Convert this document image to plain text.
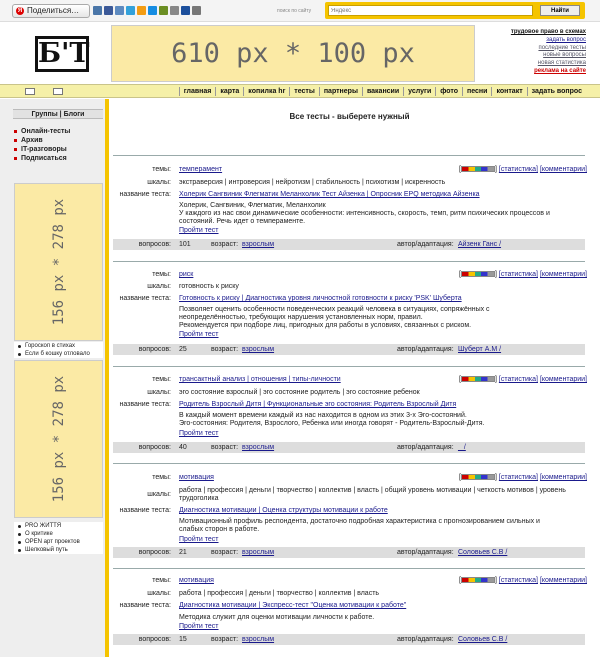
Я Поделиться…	поиск по сайту
Яндекс	Найти
Б'Т	610 px * 100 px
трудовое право в схемах
задать вопрос
последние тесты
новые вопросы
новая статистика
реклама на сайте
главная	карта	копилка hr	тесты	партнеры	вакансии	услуги	фото	песни	контакт	задать вопрос
Группы | Блоги
Онлайн-тесты
Архив
IT-разговоры
Подписаться
156 px * 278 px
Гороскоп в стихах
Если б кошку отловало
156 px * 278 px
PRO ЖИТТЯ
О критике
OPEN арт проектов
Шелковый путь
Все тесты - выберете нужный
темы: темперамент	] [статистика] [комментарии]
шкалы: экстраверсия | интроверсия | нейротизм | стабильность | психотизм | искренность
название теста: Холерик Сангвиник Флегматик Меланхолик Тест Айзенка | Опросник EPQ методика Айзенка
Холерик, Сангвиник, Флегматик, Меланхолик
У каждого из нас свои динамические особенности: интенсивность, скорость, темп, ритм психических процессов и
состояний. Речь идет о темпераменте.
Пройти тест
вопросов: 101	возраст: взрослым	автор/адаптация: Айзенк Ганс /
темы: риск	] [статистика] [комментарии]
шкалы: готовность к риску
название теста: Готовность к риску | Диагностика уровня личностной готовности к риску 'PSK' Шуберта
Позволяет оценить особенности поведенческих реакций человека в ситуациях, сопряжённых с
неопределённостью, требующих нарушения установленных норм, правил.
Рекомендуется при подборе лиц, пригодных для работы в условиях, связанных с риском.
Пройти тест
вопросов: 25	возраст: взрослым	автор/адаптация: Шуберт А.М /
темы: трансактный анализ | отношения | типы-личности	] [статистика] [комментарии]
шкалы: эго состояние взрослый | эго состояние родитель | эго состояние ребенок
название теста: Родитель Взрослый Дитя | Функциональные эго состояния: Родитель Взрослый Дитя
В каждый момент времени каждый из нас находится в одном из этих 3-х Эго-состояний.
Эго-состояния: Родителя, Взрослого, Ребенка или иногда говорят - Родитель-Взрослый-Дитя.
Пройти тест
вопросов: 40	возраст: взрослым	автор/адаптация: _ /
темы: мотивация	] [статистика] [комментарии]
шкалы:
работа | профессия | деньги | творчество | коллектив | власть | общий уровень мотивации | четкость мотивов | уровень трудоголика
название теста: Диагностика мотивации | Оценка структуры мотивации к работе
Мотивационный профиль респондента, достаточно подробная характеристика с прогнозированием сильных и
слабых сторон в работе.
Пройти тест
вопросов: 21	возраст: взрослым	автор/адаптация: Соловьев С.В /
темы: мотивация	] [статистика] [комментарии]
шкалы: работа | профессия | деньги | творчество | коллектив | власть
название теста: Диагностика мотивации | Экспресс-тест "Оценка мотивации к работе"
Методика служит для оценки мотивации личности к работе.
Пройти тест
вопросов: 15	возраст: взрослым	автор/адаптация: Соловьев С.В /
